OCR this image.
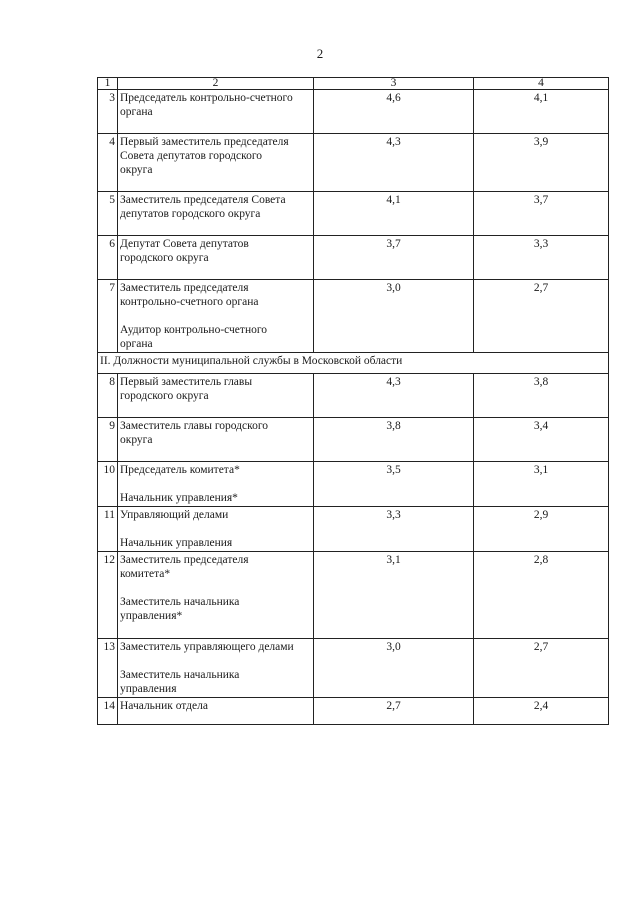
2
1	2	3	4
3	Председатель контрольно-счетного
органа	4,6	4,1
4	Первый заместитель председателя
Совета депутатов городского
округа	4,3	3,9
5	Заместитель председателя Совета
депутатов городского округа	4,1	3,7
6	Депутат Совета депутатов
городского округа	3,7	3,3
7	Заместитель председателя
контрольно-счетного органа
Аудитор контрольно-счетного
органа	3,0	2,7
II. Должности муниципальной службы в Московской области			
8	Первый заместитель главы
городского округа	4,3	3,8
9	Заместитель главы городского
округа	3,8	3,4
10	Председатель комитета*
Начальник управления*	3,5	3,1
11	Управляющий делами
Начальник управления	3,3	2,9
12	Заместитель председателя
комитета*
Заместитель начальника
управления*	3,1	2,8
13	Заместитель управляющего делами
Заместитель начальника
управления	3,0	2,7
14	Начальник отдела	2,7	2,4
